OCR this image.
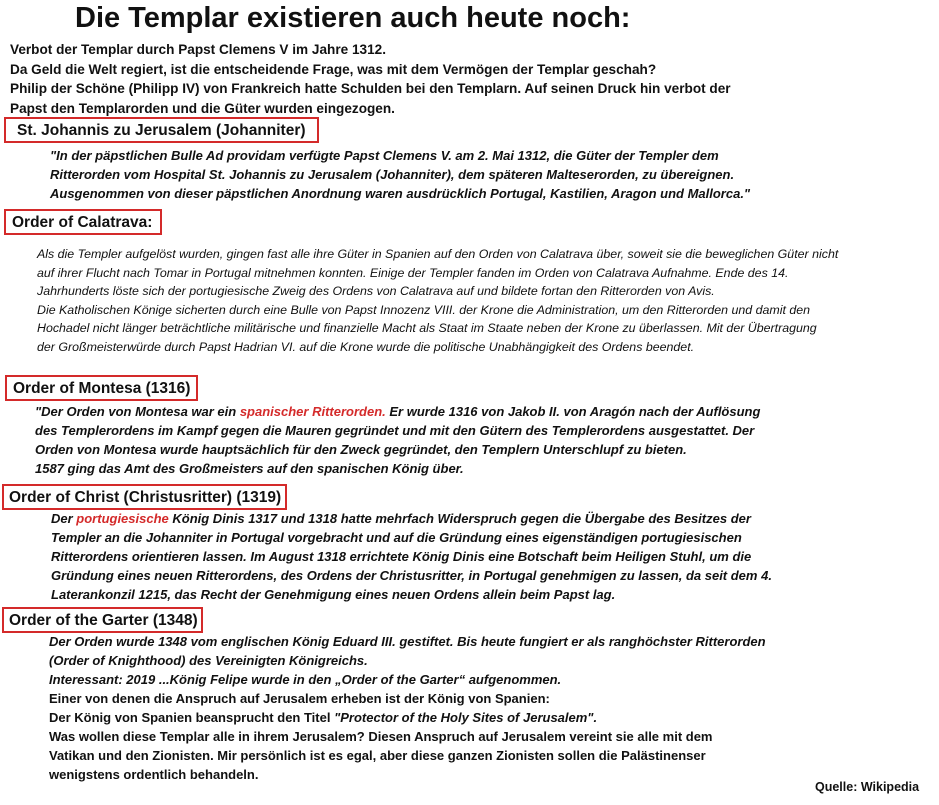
Die Templar existieren auch heute noch:

Verbot der Templar durch Papst Clemens V im Jahre 1312.

Da Geld die Welt regiert, ist die entscheidende Frage, was mit dem Vermögen der Templar geschah?

Philip der Schöne (Philipp IV) von Frankreich hatte Schulden bei den Templarn. Auf seinen Druck hin verbot der

Papst den Templarorden und die Güter wurden eingezogen.

St. Johannis zu Jerusalem (Johanniter)

"In der päpstlichen Bulle Ad providam verfügte Papst Clemens V. am 2. Mai 1312, die Güter der Templer dem

Ritterorden vom Hospital St. Johannis zu Jerusalem (Johanniter), dem späteren Malteserorden, zu übereignen.

Ausgenommen von dieser päpstlichen Anordnung waren ausdrücklich Portugal, Kastilien, Aragon und Mallorca."

Order of Calatrava:

Als die Templer aufgelöst wurden, gingen fast alle ihre Güter in Spanien auf den Orden von Calatrava über, soweit sie die beweglichen Güter nicht

auf ihrer Flucht nach Tomar in Portugal mitnehmen konnten. Einige der Templer fanden im Orden von Calatrava Aufnahme. Ende des 14.

Jahrhunderts löste sich der portugiesische Zweig des Ordens von Calatrava auf und bildete fortan den Ritterorden von Avis.

Die Katholischen Könige sicherten durch eine Bulle von Papst Innozenz VIII. der Krone die Administration, um den Ritterorden und damit den

Hochadel nicht länger beträchtliche militärische und finanzielle Macht als Staat im Staate neben der Krone zu überlassen. Mit der Übertragung

der Großmeisterwürde durch Papst Hadrian VI. auf die Krone wurde die politische Unabhängigkeit des Ordens beendet.

Order of Montesa (1316)

"Der Orden von Montesa war ein spanischer Ritterorden. Er wurde 1316 von Jakob II. von Aragón nach der Auflösung

des Templerordens im Kampf gegen die Mauren gegründet und mit den Gütern des Templerordens ausgestattet. Der

Orden von Montesa wurde hauptsächlich für den Zweck gegründet, den Templern Unterschlupf zu bieten.

1587 ging das Amt des Großmeisters auf den spanischen König über.

Order of Christ (Christusritter) (1319)

Der portugiesische König Dinis 1317 und 1318 hatte mehrfach Widerspruch gegen die Übergabe des Besitzes der

Templer an die Johanniter in Portugal vorgebracht und auf die Gründung eines eigenständigen portugiesischen

Ritterordens orientieren lassen. Im August 1318 errichtete König Dinis eine Botschaft beim Heiligen Stuhl, um die

Gründung eines neuen Ritterordens, des Ordens der Christusritter, in Portugal genehmigen zu lassen, da seit dem 4.

Laterankonzil 1215, das Recht der Genehmigung eines neuen Ordens allein beim Papst lag.

Order of the Garter (1348)

Der Orden wurde 1348 vom englischen König Eduard III. gestiftet. Bis heute fungiert er als ranghöchster Ritterorden

(Order of Knighthood) des Vereinigten Königreichs.

Interessant: 2019 ...König Felipe wurde in den „Order of the Garter“ aufgenommen.

Einer von denen die Anspruch auf Jerusalem erheben ist der König von Spanien:

Der König von Spanien beansprucht den Titel "Protector of the Holy Sites of Jerusalem".

Was wollen diese Templar alle in ihrem Jerusalem? Diesen Anspruch auf Jerusalem vereint sie alle mit dem

Vatikan und den Zionisten. Mir persönlich ist es egal, aber diese ganzen Zionisten sollen die Palästinenser

wenigstens ordentlich behandeln.

Quelle: Wikipedia
